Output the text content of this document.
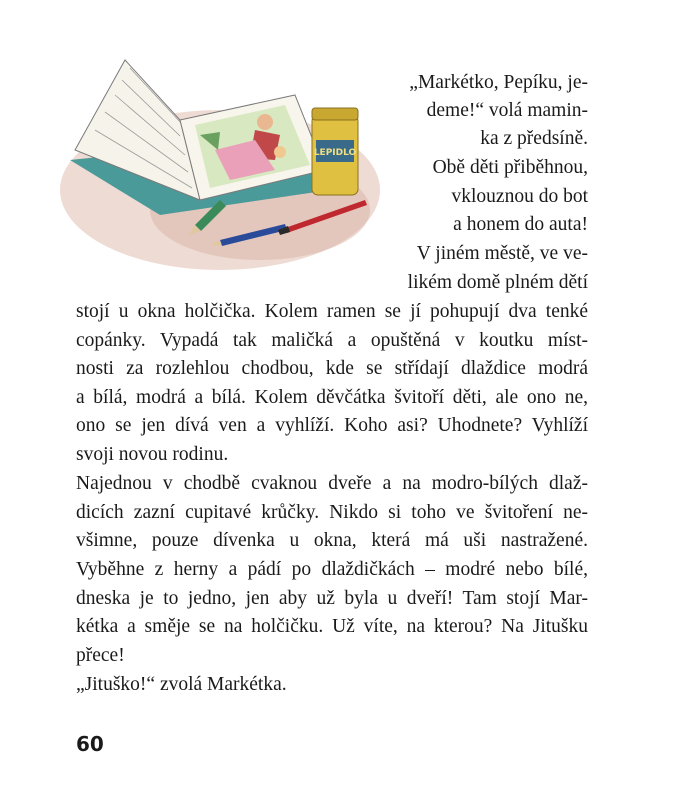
LEPIDLO
„Markétko, Pepíku, je-
deme!“ volá mamin-
ka z předsíně.
Obě děti přiběhnou,
vklouznou do bot
a honem do auta!
V jiném městě, ve ve-
likém domě plném dětí
stojí u okna holčička. Kolem ramen se jí pohupují dva tenké
copánky. Vypadá tak maličká a opuštěná v koutku míst-
nosti za rozlehlou chodbou, kde se střídají dlaždice modrá
a bílá, modrá a bílá. Kolem děvčátka švitoří děti, ale ono ne,
ono se jen dívá ven a vyhlíží. Koho asi? Uhodnete? Vyhlíží
svoji novou rodinu.
Najednou v chodbě cvaknou dveře a na modro-bílých dlaž-
dicích zazní cupitavé krůčky. Nikdo si toho ve švitoření ne-
všimne, pouze dívenka u okna, která má uši nastražené.
Vyběhne z herny a pádí po dlaždičkách – modré nebo bílé,
dneska je to jedno, jen aby už byla u dveří! Tam stojí Mar-
kétka a směje se na holčičku. Už víte, na kterou? Na Jitušku
přece!
„Jituško!“ zvolá Markétka.
60
